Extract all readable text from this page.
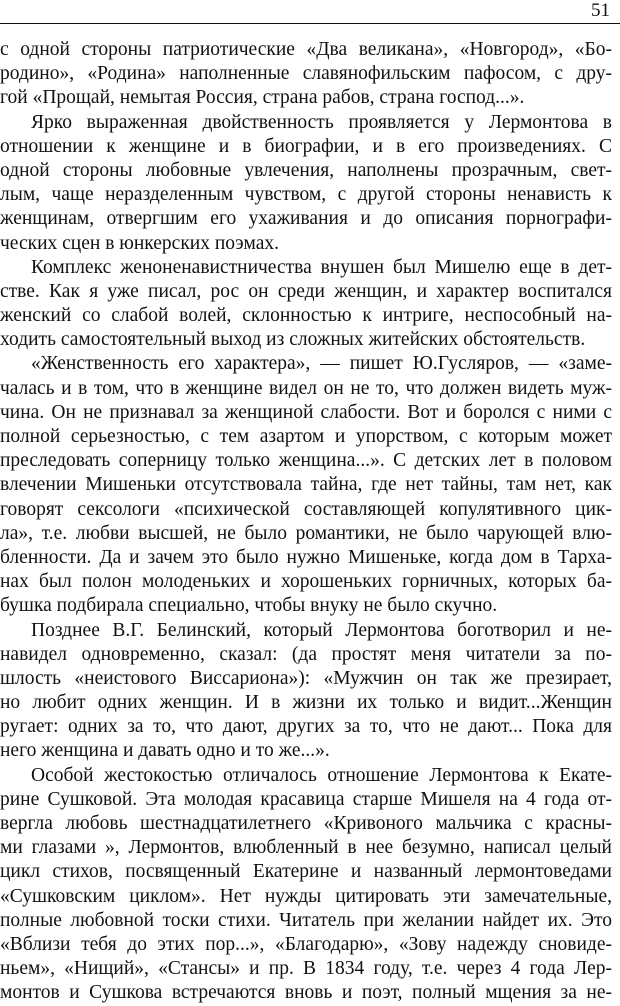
51
с одной стороны патриотические «Два великана», «Новгород», «Бо-
родино», «Родина» наполненные славянофильским пафосом, с дру-
гой «Прощай, немытая Россия, страна рабов, страна господ...».
Ярко выраженная двойственность проявляется у Лермонтова в
отношении к женщине и в биографии, и в его произведениях. С
одной стороны любовные увлечения, наполнены прозрачным, свет-
лым, чаще неразделенным чувством, с другой стороны ненависть к
женщинам, отвергшим его ухаживания и до описания порнографи-
ческих сцен в юнкерских поэмах.
Комплекс женоненавистничества внушен был Мишелю еще в дет-
стве. Как я уже писал, рос он среди женщин, и характер воспитался
женский со слабой волей, склонностью к интриге, неспособный на-
ходить самостоятельный выход из сложных житейских обстоятельств.
«Женственность его характера», — пишет Ю.Гусляров, — «заме-
чалась и в том, что в женщине видел он не то, что должен видеть муж-
чина. Он не признавал за женщиной слабости. Вот и боролся с ними с
полной серьезностью, с тем азартом и упорством, с которым может
преследовать соперницу только женщина...». С детских лет в половом
влечении Мишеньки отсутствовала тайна, где нет тайны, там нет, как
говорят сексологи «психической составляющей копулятивного цик-
ла», т.е. любви высшей, не было романтики, не было чарующей влю-
бленности. Да и зачем это было нужно Мишеньке, когда дом в Тарха-
нах был полон молоденьких и хорошеньких горничных, которых ба-
бушка подбирала специально, чтобы внуку не было скучно.
Позднее В.Г. Белинский, который Лермонтова боготворил и не-
навидел одновременно, сказал: (да простят меня читатели за по-
шлость «неистового Виссариона»): «Мужчин он так же презирает,
но любит одних женщин. И в жизни их только и видит...Женщин
ругает: одних за то, что дают, других за то, что не дают... Пока для
него женщина и давать одно и то же...».
Особой жестокостью отличалось отношение Лермонтова к Екате-
рине Сушковой. Эта молодая красавица старше Мишеля на 4 года от-
вергла любовь шестнадцатилетнего «Кривоного мальчика с красны-
ми глазами », Лермонтов, влюбленный в нее безумно, написал целый
цикл стихов, посвященный Екатерине и названный лермонтоведами
«Сушковским циклом». Нет нужды цитировать эти замечательные,
полные любовной тоски стихи. Читатель при желании найдет их. Это
«Вблизи тебя до этих пор...», «Благодарю», «Зову надежду сновиде-
ньем», «Нищий», «Стансы» и пр. В 1834 году, т.е. через 4 года Лер-
монтов и Сушкова встречаются вновь и поэт, полный мщения за не-
